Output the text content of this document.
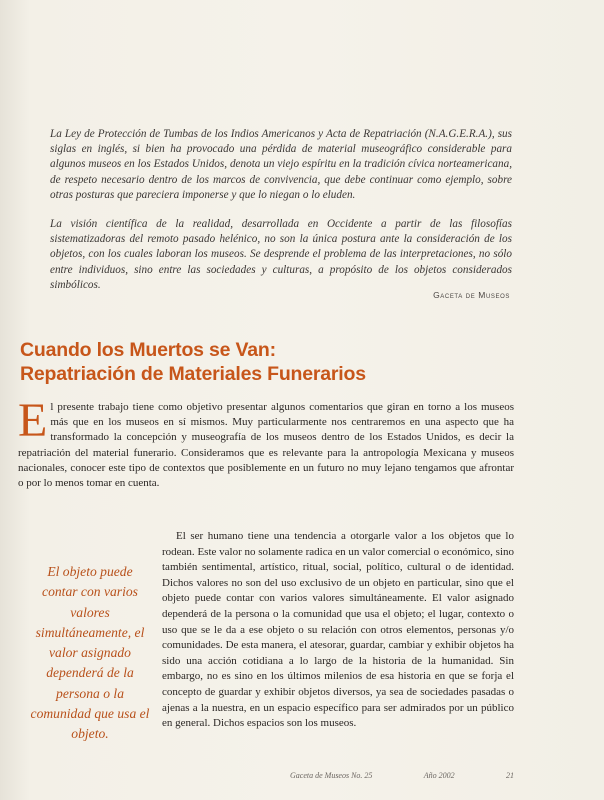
La Ley de Protección de Tumbas de los Indios Americanos y Acta de Repatriación (N.A.G.E.R.A.), sus siglas en inglés, si bien ha provocado una pérdida de material museográfico considerable para algunos museos en los Estados Unidos, denota un viejo espíritu en la tradición cívica norteamericana, de respeto necesario dentro de los marcos de convivencia, que debe continuar como ejemplo, sobre otras posturas que pareciera imponerse y que lo niegan o lo eluden.

La visión científica de la realidad, desarrollada en Occidente a partir de las filosofías sistematizadoras del remoto pasado helénico, no son la única postura ante la consideración de los objetos, con los cuales laboran los museos. Se desprende el problema de las interpretaciones, no sólo entre individuos, sino entre las sociedades y culturas, a propósito de los objetos considerados simbólicos.

Gaceta de Museos
Cuando los Muertos se Van:
Repatriación de Materiales Funerarios
El presente trabajo tiene como objetivo presentar algunos comentarios que giran en torno a los museos más que en los museos en sí mismos. Muy particularmente nos centraremos en una aspecto que ha transformado la concepción y museografía de los museos dentro de los Estados Unidos, es decir la repatriación del material funerario. Consideramos que es relevante para la antropología Mexicana y museos nacionales, conocer este tipo de contextos que posiblemente en un futuro no muy lejano tengamos que afrontar o por lo menos tomar en cuenta.
El objeto puede contar con varios valores simultáneamente, el valor asignado dependerá de la persona o la comunidad que usa el objeto.
El ser humano tiene una tendencia a otorgarle valor a los objetos que lo rodean. Este valor no solamente radica en un valor comercial o económico, sino también sentimental, artístico, ritual, social, político, cultural o de identidad. Dichos valores no son del uso exclusivo de un objeto en particular, sino que el objeto puede contar con varios valores simultáneamente. El valor asignado dependerá de la persona o la comunidad que usa el objeto; el lugar, contexto o uso que se le da a ese objeto o su relación con otros elementos, personas y/o comunidades. De esta manera, el atesorar, guardar, cambiar y exhibir objetos ha sido una acción cotidiana a lo largo de la historia de la humanidad. Sin embargo, no es sino en los últimos milenios de esa historia en que se forja el concepto de guardar y exhibir objetos diversos, ya sea de sociedades pasadas o ajenas a la nuestra, en un espacio específico para ser admirados por un público en general. Dichos espacios son los museos.
Gaceta de Museos No. 25	Año 2002	21
